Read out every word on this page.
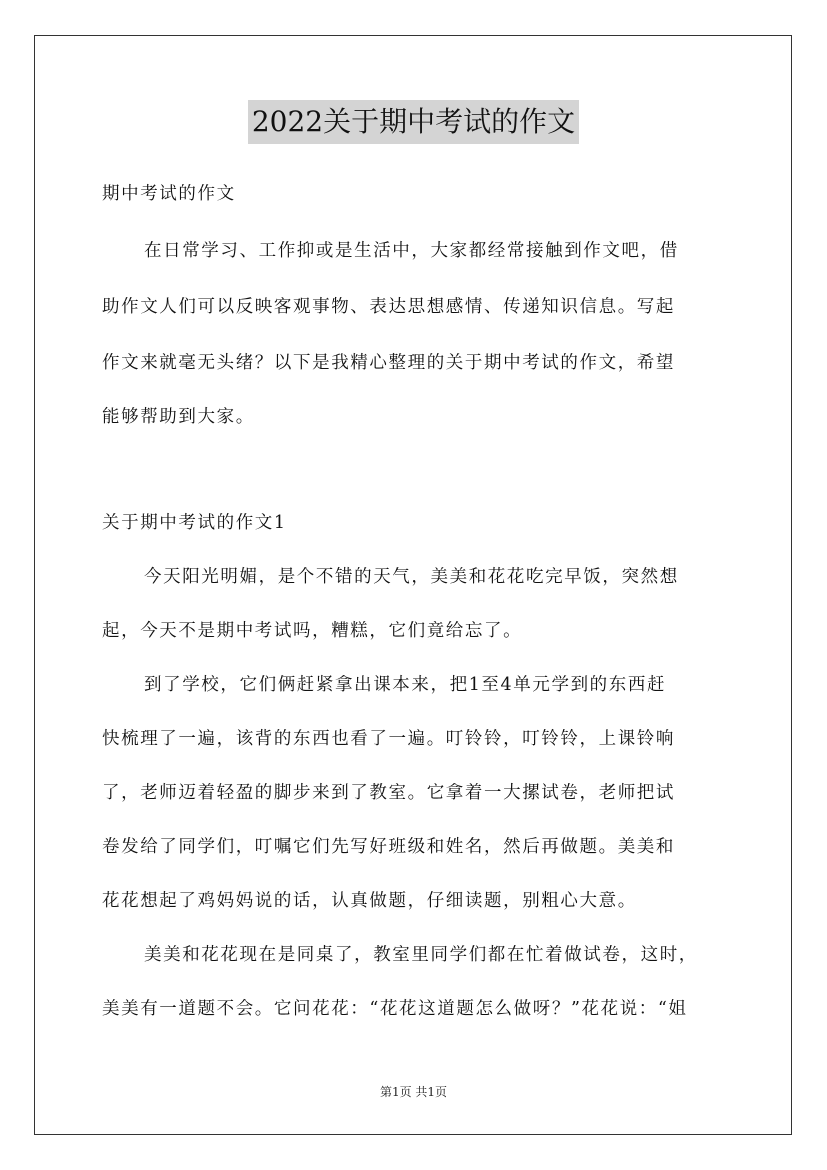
2022关于期中考试的作文
期中考试的作文
在日常学习、工作抑或是生活中，大家都经常接触到作文吧，借
助作文人们可以反映客观事物、表达思想感情、传递知识信息。写起
作文来就毫无头绪？以下是我精心整理的关于期中考试的作文，希望
能够帮助到大家。
关于期中考试的作文1
今天阳光明媚，是个不错的天气，美美和花花吃完早饭，突然想
起，今天不是期中考试吗，糟糕，它们竟给忘了。
到了学校，它们俩赶紧拿出课本来，把1至4单元学到的东西赶
快梳理了一遍，该背的东西也看了一遍。叮铃铃，叮铃铃，上课铃响
了，老师迈着轻盈的脚步来到了教室。它拿着一大摞试卷，老师把试
卷发给了同学们，叮嘱它们先写好班级和姓名，然后再做题。美美和
花花想起了鸡妈妈说的话，认真做题，仔细读题，别粗心大意。
美美和花花现在是同桌了，教室里同学们都在忙着做试卷，这时，
美美有一道题不会。它问花花：“花花这道题怎么做呀？”花花说：“姐
第1页 共1页
